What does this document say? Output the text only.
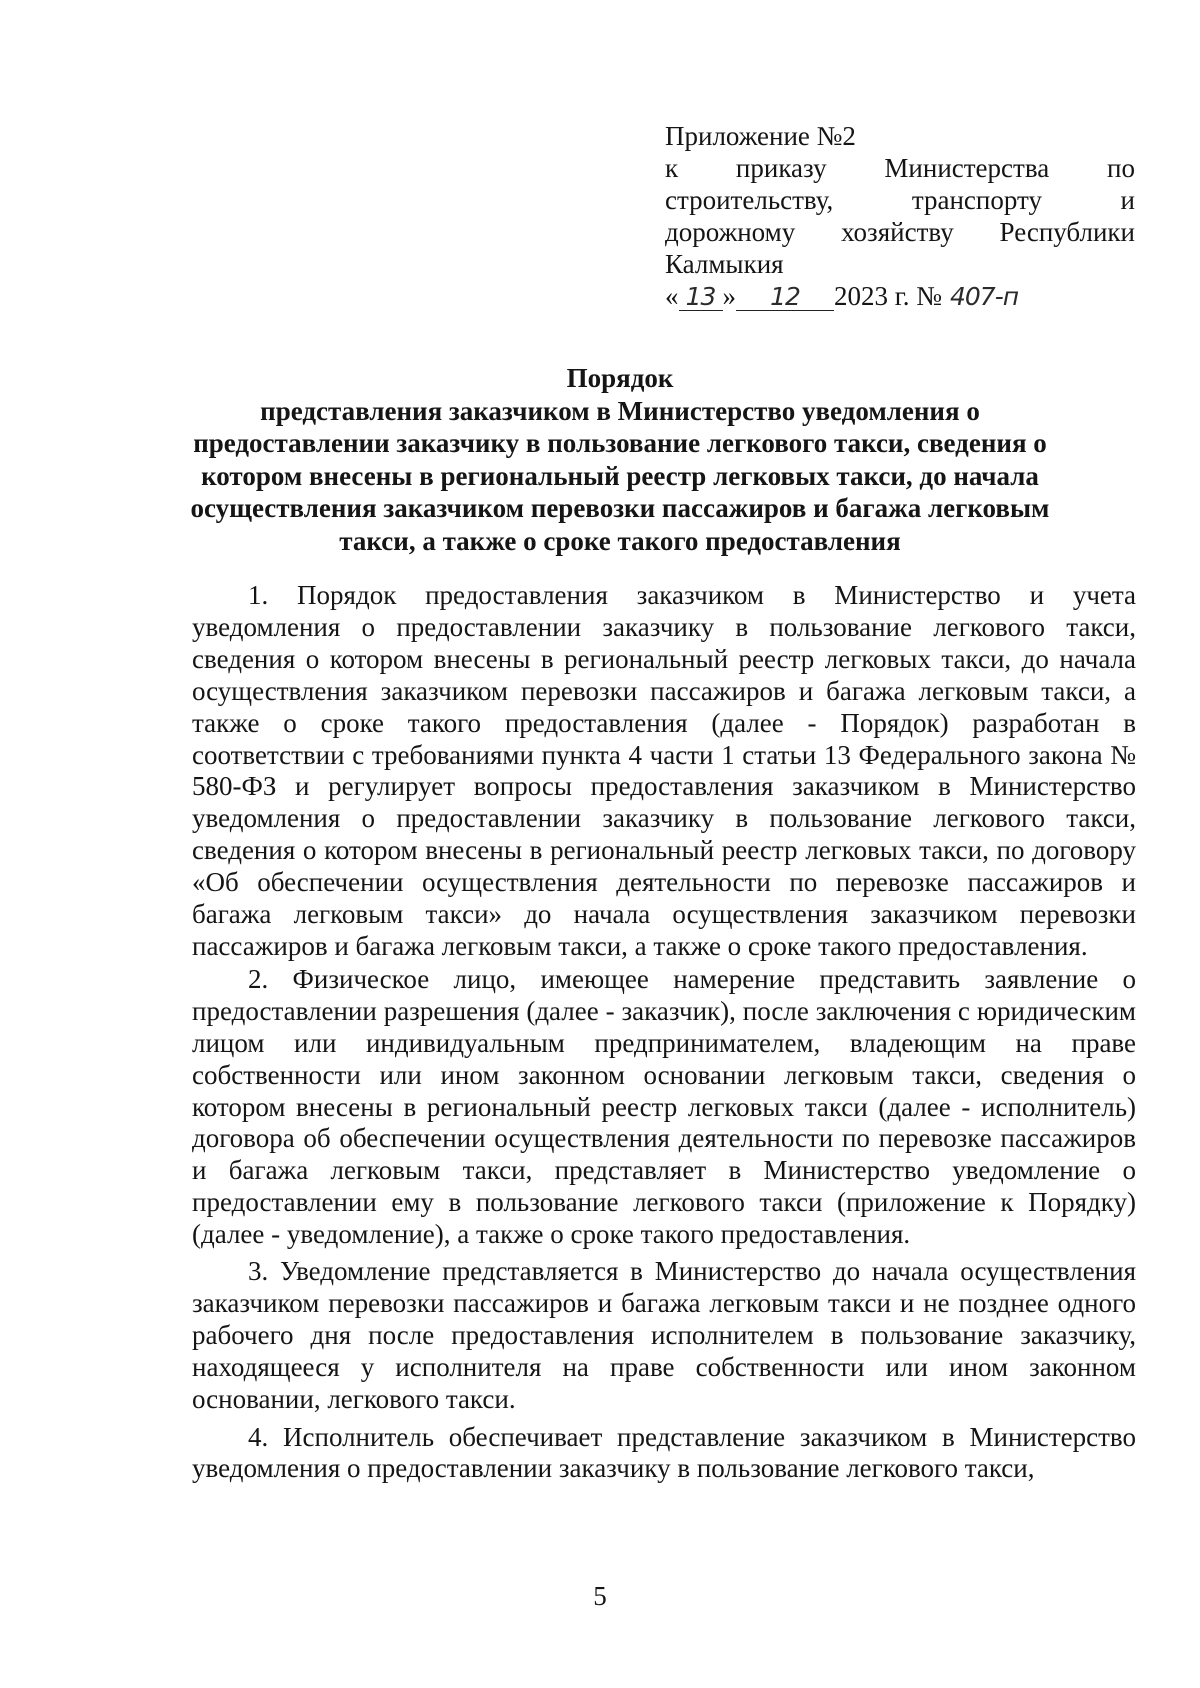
Приложение №2
к приказу Министерства по
строительству,	транспорту	и
дорожному хозяйству Республики
Калмыкия
« 13 » 12 2023 г. № 407-п
Порядок
представления заказчиком в Министерство уведомления о предоставлении заказчику в пользование легкового такси, сведения о котором внесены в региональный реестр легковых такси, до начала осуществления заказчиком перевозки пассажиров и багажа легковым такси, а также о сроке такого предоставления

1. Порядок предоставления заказчиком в Министерство и учета уведомления о предоставлении заказчику в пользование легкового такси, сведения о котором внесены в региональный реестр легковых такси, до начала осуществления заказчиком перевозки пассажиров и багажа легковым такси, а также о сроке такого предоставления (далее - Порядок) разработан в соответствии с требованиями пункта 4 части 1 статьи 13 Федерального закона № 580-ФЗ и регулирует вопросы предоставления заказчиком в Министерство уведомления о предоставлении заказчику в пользование легкового такси, сведения о котором внесены в региональный реестр легковых такси, по договору «Об обеспечении осуществления деятельности по перевозке пассажиров и багажа легковым такси» до начала осуществления заказчиком перевозки пассажиров и багажа легковым такси, а также о сроке такого предоставления.

2. Физическое лицо, имеющее намерение представить заявление о предоставлении разрешения (далее - заказчик), после заключения с юридическим лицом или индивидуальным предпринимателем, владеющим на праве собственности или ином законном основании легковым такси, сведения о котором внесены в региональный реестр легковых такси (далее - исполнитель) договора об обеспечении осуществления деятельности по перевозке пассажиров и багажа легковым такси, представляет в Министерство уведомление о предоставлении ему в пользование легкового такси (приложение к Порядку) (далее - уведомление), а также о сроке такого предоставления.

3. Уведомление представляется в Министерство до начала осуществления заказчиком перевозки пассажиров и багажа легковым такси и не позднее одного рабочего дня после предоставления исполнителем в пользование заказчику, находящееся у исполнителя на праве собственности или ином законном основании, легкового такси.

4. Исполнитель обеспечивает представление заказчиком в Министерство уведомления о предоставлении заказчику в пользование легкового такси,

5
